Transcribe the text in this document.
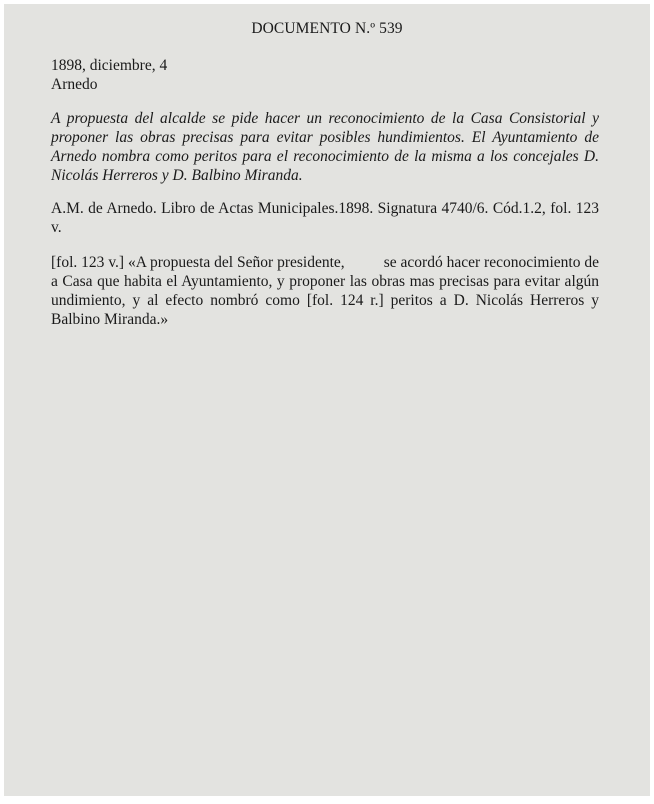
DOCUMENTO N.º 539

1898, diciembre, 4

Arnedo

A propuesta del alcalde se pide hacer un reconocimiento de la Casa Consistorial y proponer las obras precisas para evitar posibles hundimientos. El Ayuntamiento de Arnedo nombra como peritos para el reconocimiento de la misma a los concejales D. Nicolás Herreros y D. Balbino Miranda.

A.M. de Arnedo. Libro de Actas Municipales.1898. Signatura 4740/6. Cód.1.2, fol. 123 v.

[fol. 123 v.] «A propuesta del Señor presidente,          se acordó hacer reconocimiento de a Casa que habita el Ayuntamiento, y proponer las obras mas precisas para evitar algún undimiento, y al efecto nombró como [fol. 124 r.] peritos a D. Nicolás Herreros y Balbino Miranda.»
